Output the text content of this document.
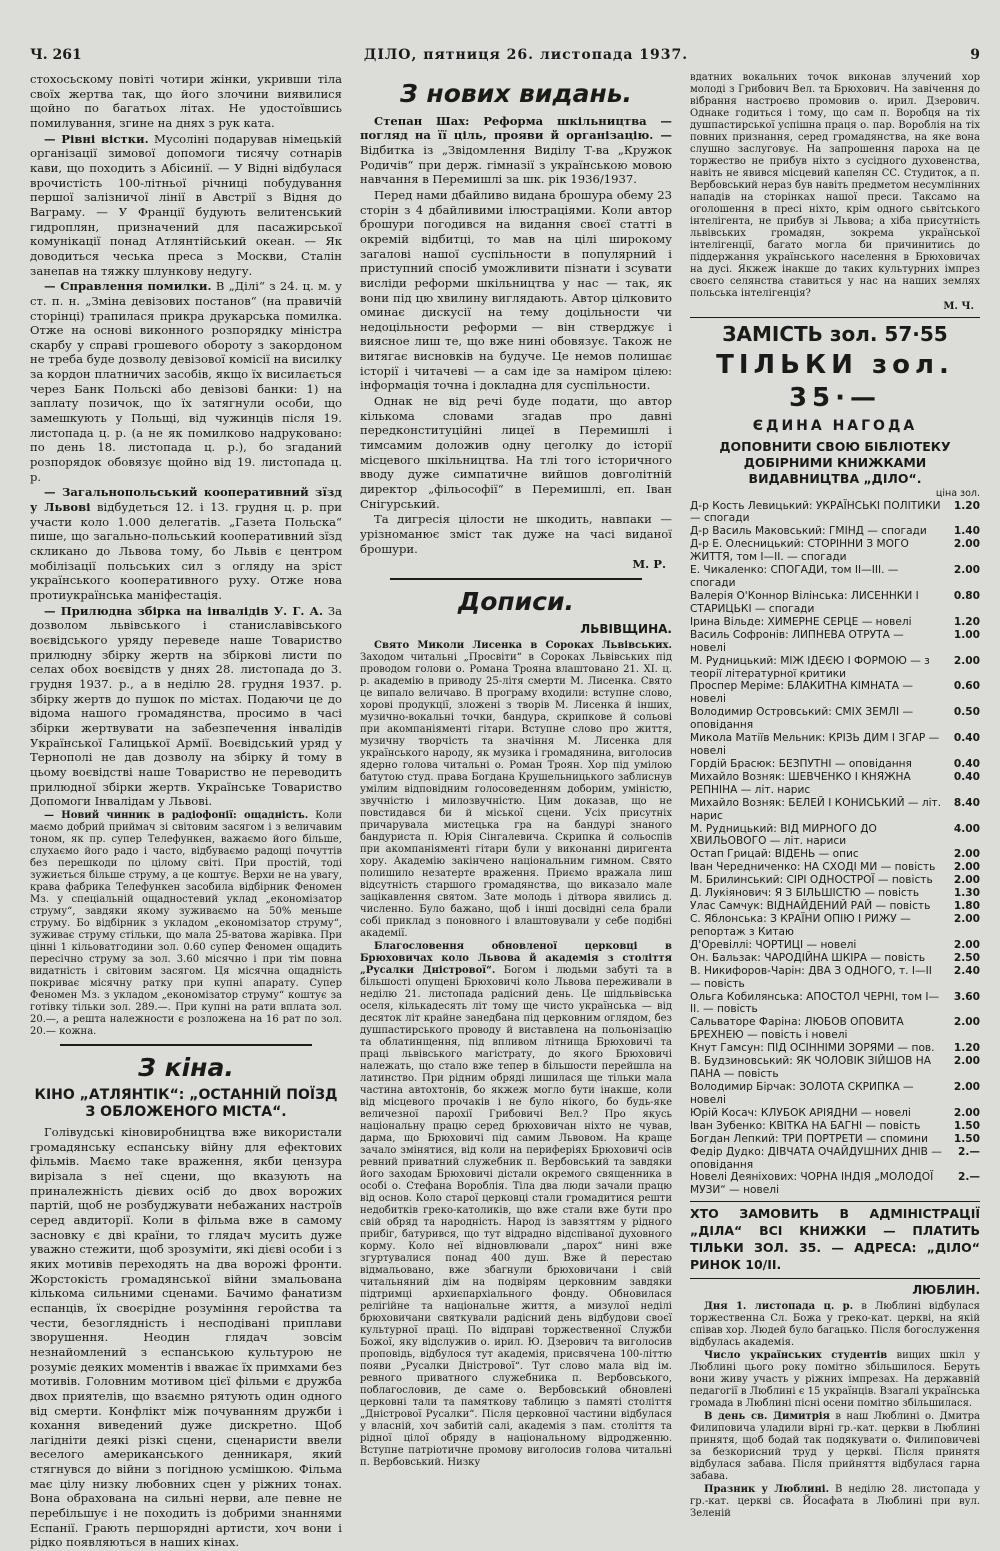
Ч. 261	ДІЛО, пятниця 26. листопада 1937.	9

стохосьскому повіті чотири жінки, укривши тіла своїх жертва так, що його злочини виявилися щойно по багатьох літах. Не удостоївшись помилування, згине на днях з рук ката.

— Рівні вістки. Мусоліні подарував німецькій організації зимової допомоги тисячу сотнарів кави, що походить з Абісинії. — У Відні відбулася врочистість 100-літньої річниці побудування першої залізничої лінії в Австрії з Відня до Ваграму. — У Франції будують велитенський гидроплян, призначений для пасажирської комунікації понад Атлянтійський океан. — Як доводиться чеська преса з Москви, Сталін занепав на тяжку шлункову недугу.

— Справлення помилки. В „Ділі“ з 24. ц. м. у ст. п. н. „Зміна девізових постанов“ (на правичій сторінці) трапилася прикра друкарська помилка. Отже на основі виконного розпорядку міністра скарбу у справі грошевого обороту з закордоном не треба буде дозволу девізової комісії на висилку за кордон платничих засобів, якщо їх висилається через Банк Польскі або девізові банки: 1) на заплату позичок, що їх затягнули особи, що замешкують у Польщі, від чужинців після 19. листопада ц. р. (а не як помилково надруковано: по день 18. листопада ц. р.), бо згаданий розпорядок обовязує щойно від 19. листопада ц. р.

— Загальнопольський кооперативний зїзд у Львові відбудеться 12. і 13. грудня ц. р. при участи коло 1.000 делегатів. „Газета Польска“ пише, що загально-польський кооперативний зїзд скликано до Львова тому, бо Львів є центром мобілізації польських сил з огляду на зріст українського кооперативного руху. Отже нова протиукраїнська маніфестація.

— Прилюдна збірка на інвалідів У. Г. А. За дозволом львівського і станиславівського воєвідського уряду переведе наше Товариство прилюдну збірку жертв на збіркові листи по селах обох воєвідств у днях 28. листопада до 3. грудня 1937. р., а в неділю 28. грудня 1937. р. збірку жертв до пушок по містах. Подаючи це до відома нашого громадянства, просимо в часі збірки жертвувати на забезпечення інвалідів Української Галицької Армії. Воєвідський уряд у Тернополі не дав дозволу на збірку й тому в цьому воєвідстві наше Товариство не переводить прилюдної збірки жертв. Українське Товариство Допомоги Інвалідам у Львові.

— Новий чинник в радіофонії: ощадність. Коли маємо добрий приймач зі світовим засягом і з величавим тоном, як пр. супер Телефункен, важаємо його більше, слухаємо його радо і часто, відбуваємо радощі почуттів без перешкоди по цілому світі. При простій, тоді зужиється більше струму, а це коштує. Верхи не на увагу, крава фабрика Телефункен засобила відбірник Феномен Мз. у спеціальній ощадностевий уклад „економізатор струму“, завдяки якому зуживаємо на 50% меньше струму. Бо відбірник з укладом „економізатор струму“, зуживає струму стільки, що мала 25-ватова жарівка. При цінні 1 кільоватгодини зол. 0.60 супер Феномен ощадить пересічно струму за зол. 3.60 місячно і при тім повна видатність і світовим засягом. Ця місячна ощадність покриває місячну ратку при купні апарату. Супер Феномен Мз. з укладом „економізатор струму“ коштує за готівку тільки зол. 289.—. При купні на рати вплата зол. 20.—, а решта належности є розложена на 16 рат по зол. 20.— кожна.

З кіна.
КІНО „АТЛЯНТІК“: „ОСТАННІЙ ПОЇЗД З ОБЛОЖЕНОГО МІСТА“.

Голівудські кіновиробництва вже використали громадянську еспанську війну для ефектових фільмів. Маємо таке враження, якби цензура вирізала з неї сцени, що вказують на приналежність дієвих осіб до двох ворожих партій, щоб не розбуджувати небажаних настроїв серед авдиторії. Коли в фільма вже в самому засновку є дві країни, то глядач мусить дуже уважно стежити, щоб зрозуміти, які дієві особи і з яких мотивів переходять на два ворожі фронти. Жорстокість громадянської війни змальована кількома сильними сценами. Бачимо фанатизм еспанців, їх своєрідне розуміння геройства та чести, безоглядність і несподівані приплави зворушення. Неодин глядач зовсім незнайомлений з еспанською культурою не розуміє деяких моментів і вважає їх примхами без мотивів. Головним мотивом цієї фільми є дружба двох приятелів, що взаємно рятують один одного від смерти. Конфлікт між почуванням дружби і кохання виведений дуже дискретно. Щоб лагідніти деякі різкі сцени, сценаристи ввели веселого американського денникаря, який стягнувся до війни з погідною усмішкою. Фільма має цілу низку любовних сцен у ріжних тонах. Вона обрахована на сильні нерви, але певне не перебільшує і не походить із добрими знаннями Еспанії. Грають першорядні артисти, хоч вони і рідко появляються в наших кінах.

З нових видань.

Степан Шах: Реформа шкільництва — погляд на її ціль, прояви й організацію. — Відбитка із „Звідомлення Виділу Т-ва „Кружок Родичів“ при держ. гімназії з українською мовою навчання в Перемишлі за шк. рік 1936/1937.

Перед нами дбайливо видана брошура обему 23 сторін з 4 дбайливими ілюстраціями. Коли автор брошури погодився на видання своєї статті в окремій відбитці, то мав на цілі широкому загалові нашої суспільности в популярний і приступний спосіб уможливити пізнати і зсувати висліди реформи шкільництва у нас — так, як вони під цю хвилину виглядають. Автор цілковито оминає дискусії на тему доцільности чи недоцільности реформи — він стверджує і виясное лиш те, що вже нині обовязує. Також не витягає висновків на будуче. Це немов полишає історії і читачеві — а сам іде за наміром цілею: інформація точна і докладна для суспільности.

Однак не від речі буде подати, що автор кількома словами згадав про давні передконституційні лицеї в Перемишлі і тимсамим доложив одну цеголку до історії місцевого шкільництва. На тлі того історичного вводу дуже симпатичне вийшов довголітній директор „фільософії“ в Перемишлі, еп. Іван Снігурський.

Та дигресія цілости не шкодить, навпаки — урізноманює зміст так дуже на часі виданої брошури.

М. Р.
Дописи.
ЛЬВІВЩИНА.

Свято Миколи Лисенка в Сороках Львівських. Заходом читальні „Просвіти“ в Сороках Львівських під проводом голови о. Романа Трояна влаштовано 21. XI. ц. р. академію в приводу 25-літя смерти М. Лисенка. Свято це випало величаво. В програму входили: вступне слово, хорові продукції, зложені з творів М. Лисенка й інших, музично-вокальні точки, бандура, скрипкове й сольові при акомпаніяменті гітари. Вступне слово про життя, музичну творчість та значіння М. Лисенка для українського народу, як музика і громадянина, виголосив ядерно голова читальні о. Роман Троян. Хор під умілою батутою студ. права Богдана Крушельницького заблиснув умілим відповідним голосоведенням доборим, уміністю, звучністю і милозвучністю. Цим доказав, що не повстидався би й міської сцени. Усіх присутніх причарувала мистецька гра на бандурі знаного бандуриста п. Юрія Сінгалевича. Скрипка й сольоспів при акомпаніяменті гітари були у виконанні диригента хору. Академію закінчено національним гимном. Свято полишило незатерте враження. Приємо вражала лиш відсутність старшого громадянства, що виказало мале зацікавлення святом. Зате молодь і дітвора явились д. численно. Було бажано, щоб і інші досвідні села брали собі приклад з поновного і влаштовували у себе подібні академії.

Благословення обновленої церковці в Брюховичах коло Львова й академія з століття „Русалки Дністрової“. Богом і людьми забуті та в більшості опущені Брюховичі коло Львова переживали в неділю 21. листопада радісний день. Це шідльвівська оселя, кількадесять літ тому ще чисто українська — від десяток літ крайне занедбана під церковним оглядом, без душпастирського проводу й виставлена на польонізацію та облатинщення, під впливом літнища Брюховичі та праці львівського магістрату, до якого Брюховичі належать, що стало вже тепер в більшости перейшла на латинство. При рідним обряді лишилася ще тільки мала частина автохтонів, бо якжеж могло бути інакше, коли від місцевого прочаків і не було нікого, бо будь-яке величезної парохії Грибовичі Вел.? Про якусь національну працю серед брюховичан ніхто не чував, дарма, що Брюховичі під самим Львовом. На краще зачало змінятися, від коли на периферіях Брюховичі осів ревний приватний служебник п. Вербовський та завдяки його заходам Брюховичі дістали окремого священника в особі о. Стефана Вороблія. Тіла два люди зачали працю від основ. Коло старої церковці стали громадитися решти недобитків греко-католиків, що вже стали вже бути про свій обряд та народність. Народ із завзяттям у рідного прибіг, батурився, що тут відрадно відспіваної духовного корму. Коло неї відновлювали „парох“ нині вже згуртувалися понад 400 душ. Вже й перестаю відмальовано, вже збагнули брюховичани і свій читальняний дім на подвірям церковним завдяки підтримці архиєпархіального фонду. Обновилася релігійне та національне життя, а мизулої неділі брюховичани святкували радісний день відбудови своєї культурної праці. По відправі торжественної Служби Божої, яку відслужив о. ирил. Ю. Дзерович та виголосив проповідь, відбулося тут академія, присвячена 100-літтю появи „Русалки Дністрової“. Тут слово мала від ім. ревного приватного служебника п. Вербовського, поблагословив, де саме о. Вербовський обновлені церковні тали та памяткову таблицю з памяті століття „Дністрової Русалки“. Після церковної частини відбулася у власній, хоч забитій салі, академія з пам. століття та рідної цілої обряду в національному відродженню. Вступне патріотичне промову виголосив голова читальні п. Вербовський. Низку

вдатних вокальних точок виконав злучений хор молоді з Грибович Вел. та Брюхович. На завічення до вібрання настроєво промовив о. ирил. Дзерович. Однаке годиться і тому, що сам п. Воробця на тіх душпастирської успішна праця о. пар. Вороблія на тіх повних признання, серед громадянства, на яке вона слушно заслуговує. На запрошення пароха на це торжество не прибув ніхто з сусідного духовенства, навіть не явився місцевий капелян СС. Студиток, а п. Вербовський нераз був навіть предметом несумлінних нападів на сторінках нашої преси. Таксамо на оголошення в пресі ніхто, крім одного сьвітського інтелігента, не прибув зі Львова; а хіба присутність львівських громадян, зокрема української інтелігенції, багато могла би причинитись до піддержання українського населення в Брюховичах на дусі. Якжеж інакше до таких культурних імпрез своєго селянства ставиться у нас на наших землях польська інтелігенція?

М. Ч.
ЗАМІСТЬ зол. 57·55
ТІЛЬКИ зол. 35·—
ЄДИНА НАГОДА
ДОПОВНИТИ СВОЮ БІБЛІОТЕКУ ДОБІРНИМИ КНИЖКАМИ ВИДАВНИЦТВА „ДІЛО“.
ціна зол.
Д-р Кость Левицький: УКРАЇНСЬКІ ПОЛІТИКИ — спогади
1.20
Д-р Василь Маковський: ГМІНД — спогади	1.40
Д-р Е. Олесницький: СТОРІННИ З МОГО ЖИТТЯ, том І—ІІ. — спогади
2.00
Е. Чикаленко: СПОГАДИ, том ІІ—ІІІ. — спогади
2.00
Валерія О'Коннор Вілінська: ЛИСЕННКИ І СТАРИЦЬКІ — спогади
0.80
Ірина Вільде: ХИМЕРНЕ СЕРЦЕ — новелі	1.20
Василь Софронів: ЛИПНЕВА ОТРУТА — новелі
1.00
М. Рудницький: МІЖ ІДЕЄЮ І ФОРМОЮ — з теорії літературної критики
2.00
Проспер Меріме: БЛАКИТНА КІМНАТА — новелі
0.60
Володимир Островський: СМІХ ЗЕМЛІ — оповідання
0.50
Микола Матіїв Мельник: КРІЗЬ ДИМ І ЗГАР — новелі
0.40
Гордій Брасюк: БЕЗПУТНІ — оповідання	0.40
Михайло Возняк: ШЕВЧЕНКО І КНЯЖНА РЕПНІНА — літ. нарис
0.40
Михайло Возняк: БЕЛЕЙ І КОНИСЬКИЙ — літ. нарис
8.40
М. Рудницький: ВІД МИРНОГО ДО ХВИЛЬОВОГО — літ. нариси
4.00
Остап Грицай: ВІДЕНЬ — опис	2.00
Іван Чередниченко: НА СХОДІ МИ — повість	2.00
М. Брилинський: СІРІ ОДНОСТРОЇ — повість	2.00
Д. Лукіянович: Я З БІЛЬШІСТЮ — повість	1.30
Улас Самчук: ВІДНАЙДЕНИЙ РАЙ — повість	1.80
С. Яблонська: З КРАЇНИ ОПІЮ І РИЖУ — репортаж з Китаю
2.00
Д'Оревіллі: ЧОРТИЦІ — новелі	2.00
Он. Бальзак: ЧАРОДІЙНА ШКІРА — повість	2.50
В. Никифоров-Чарін: ДВА З ОДНОГО, т. І—ІІ — повість
2.40
Ольга Кобилянська: АПОСТОЛ ЧЕРНІ, том І—ІІ. — повість
3.60
Сальваторе Фаріна: ЛЮБОВ ОПОВИТА БРЕХНЕЮ — повість і новелі
2.00
Кнут Гамсун: ПІД ОСІННІМИ ЗОРЯМИ — пов.	1.20
В. Будзиновський: ЯК ЧОЛОВІК ЗІЙШОВ НА ПАНА — повість
2.00
Володимир Бірчак: ЗОЛОТА СКРИПКА — новелі
2.00
Юрій Косач: КЛУБОК АРІЯДНИ — новелі	2.00
Іван Зубенко: КВІТКА НА БАГНІ — повість	1.50
Богдан Лепкий: ТРИ ПОРТРЕТИ — спомини	1.50
Федір Дудко: ДІВЧАТА ОЧАЙДУШНИХ ДНІВ — оповідання
2.—
Новелі Деяніхових: ЧОРНА ІНДІЯ „МОЛОДОЇ МУЗИ“ — новелі
2.—
ХТО ЗАМОВИТЬ В АДМІНІСТРАЦІЇ „ДІЛА“ ВСІ КНИЖКИ — ПЛАТИТЬ ТІЛЬКИ ЗОЛ. 35. — АДРЕСА: „ДІЛО“ РИНОК 10/ІІ.
ЛЮБЛИН.

Дня 1. листопада ц. р. в Люблині відбулася торжественна Сл. Божа у греко-кат. церкві, на якій співав хор. Людей було багацько. Після богослуження відбулась академія.

Число українських студентів вищих шкіл у Люблині цього року помітно збільшилося. Беруть вони живу участь у ріжних імпрезах. На державній педагогії в Люблині є 15 українців. Взагалі українська громада в Люблині пісні осени помітно збільшилася.

В день св. Димитрія в наш Люблині о. Дмитра Филиповича уладили вірні гр.-кат. церкви в Люблині принятя, щоб бодай так подякувати о. Филиповичеві за безкорисний труд у церкві. Після принятя відбулася забава. Після прийняття відбулася гарна забава.

Празник у Люблині. В неділю 28. листопада у гр.-кат. церкві св. Йосафата в Люблині при вул. Зеленій
